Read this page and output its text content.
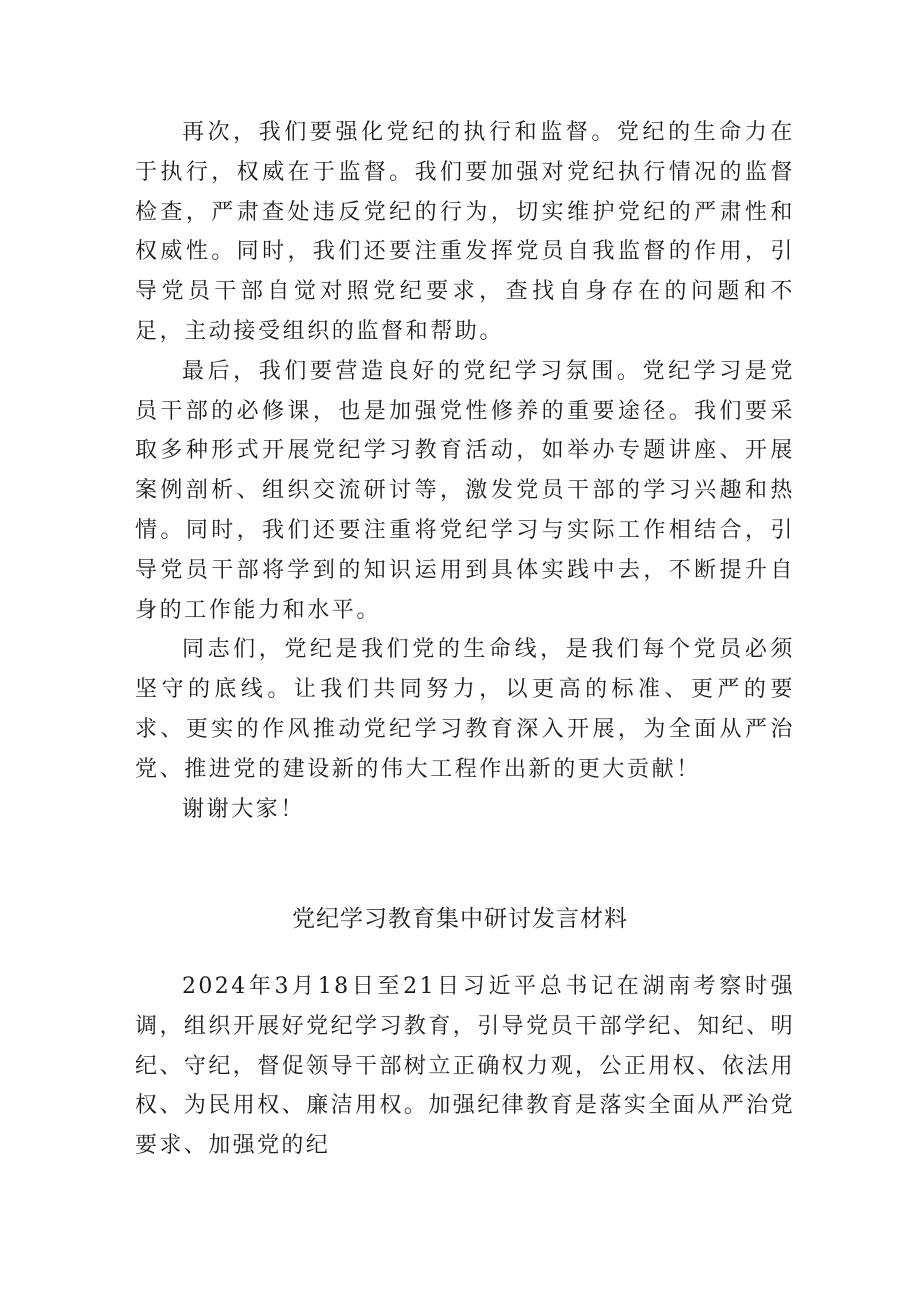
再次，我们要强化党纪的执行和监督。党纪的生命力在于执行，权威在于监督。我们要加强对党纪执行情况的监督检查，严肃查处违反党纪的行为，切实维护党纪的严肃性和权威性。同时，我们还要注重发挥党员自我监督的作用，引导党员干部自觉对照党纪要求，查找自身存在的问题和不足，主动接受组织的监督和帮助。

最后，我们要营造良好的党纪学习氛围。党纪学习是党员干部的必修课，也是加强党性修养的重要途径。我们要采取多种形式开展党纪学习教育活动，如举办专题讲座、开展案例剖析、组织交流研讨等，激发党员干部的学习兴趣和热情。同时，我们还要注重将党纪学习与实际工作相结合，引导党员干部将学到的知识运用到具体实践中去，不断提升自身的工作能力和水平。

同志们，党纪是我们党的生命线，是我们每个党员必须坚守的底线。让我们共同努力，以更高的标准、更严的要求、更实的作风推动党纪学习教育深入开展，为全面从严治党、推进党的建设新的伟大工程作出新的更大贡献！

谢谢大家！

党纪学习教育集中研讨发言材料

2024年3月18日至21日习近平总书记在湖南考察时强调，组织开展好党纪学习教育，引导党员干部学纪、知纪、明纪、守纪，督促领导干部树立正确权力观，公正用权、依法用权、为民用权、廉洁用权。加强纪律教育是落实全面从严治党要求、加强党的纪
